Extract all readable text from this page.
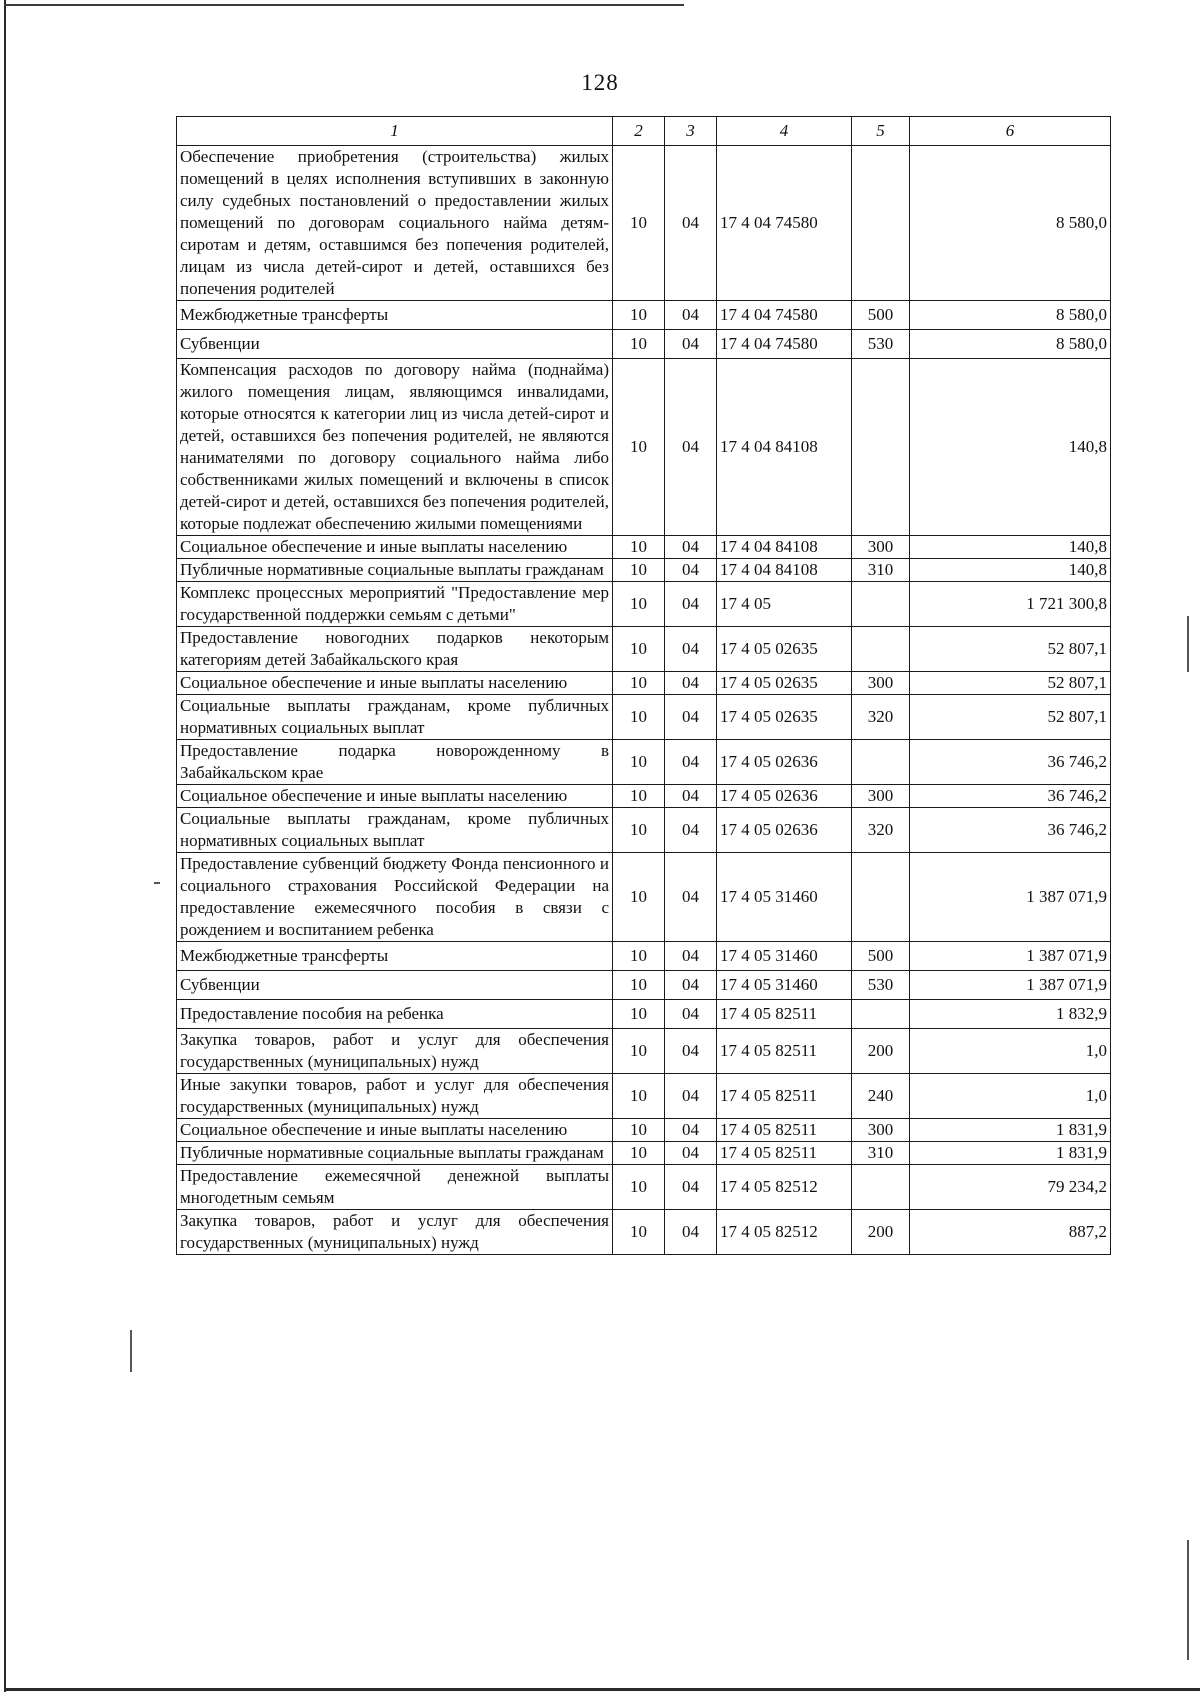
128
1	2	3	4	5	6
Обеспечение приобретения (строительства) жилых помещений в целях исполнения вступивших в законную силу судебных постановлений о предоставлении жилых помещений по договорам социального найма детям-сиротам и детям, оставшимся без попечения родителей, лицам из числа детей-сирот и детей, оставшихся без попечения родителей	10	04	17 4 04 74580		8 580,0
Межбюджетные трансферты	10	04	17 4 04 74580	500	8 580,0
Субвенции	10	04	17 4 04 74580	530	8 580,0
Компенсация расходов по договору найма (поднайма) жилого помещения лицам, являющимся инвалидами, которые относятся к категории лиц из числа детей-сирот и детей, оставшихся без попечения родителей, не являются нанимателями по договору социального найма либо собственниками жилых помещений и включены в список детей-сирот и детей, оставшихся без попечения родителей, которые подлежат обеспечению жилыми помещениями	10	04	17 4 04 84108		140,8
Социальное обеспечение и иные выплаты населению	10	04	17 4 04 84108	300	140,8
Публичные нормативные социальные выплаты гражданам	10	04	17 4 04 84108	310	140,8
Комплекс процессных мероприятий "Предоставление мер государственной поддержки семьям с детьми"	10	04	17 4 05		1 721 300,8
Предоставление новогодних подарков некоторым категориям детей Забайкальского края	10	04	17 4 05 02635		52 807,1
Социальное обеспечение и иные выплаты населению	10	04	17 4 05 02635	300	52 807,1
Социальные выплаты гражданам, кроме публичных нормативных социальных выплат	10	04	17 4 05 02635	320	52 807,1
Предоставление подарка новорожденному в Забайкальском крае	10	04	17 4 05 02636		36 746,2
Социальное обеспечение и иные выплаты населению	10	04	17 4 05 02636	300	36 746,2
Социальные выплаты гражданам, кроме публичных нормативных социальных выплат	10	04	17 4 05 02636	320	36 746,2
Предоставление субвенций бюджету Фонда пенсионного и социального страхования Российской Федерации на предоставление ежемесячного пособия в связи с рождением и воспитанием ребенка	10	04	17 4 05 31460		1 387 071,9
Межбюджетные трансферты	10	04	17 4 05 31460	500	1 387 071,9
Субвенции	10	04	17 4 05 31460	530	1 387 071,9
Предоставление пособия на ребенка	10	04	17 4 05 82511		1 832,9
Закупка товаров, работ и услуг для обеспечения государственных (муниципальных) нужд	10	04	17 4 05 82511	200	1,0
Иные закупки товаров, работ и услуг для обеспечения государственных (муниципальных) нужд	10	04	17 4 05 82511	240	1,0
Социальное обеспечение и иные выплаты населению	10	04	17 4 05 82511	300	1 831,9
Публичные нормативные социальные выплаты гражданам	10	04	17 4 05 82511	310	1 831,9
Предоставление ежемесячной денежной выплаты многодетным семьям	10	04	17 4 05 82512		79 234,2
Закупка товаров, работ и услуг для обеспечения государственных (муниципальных) нужд	10	04	17 4 05 82512	200	887,2
